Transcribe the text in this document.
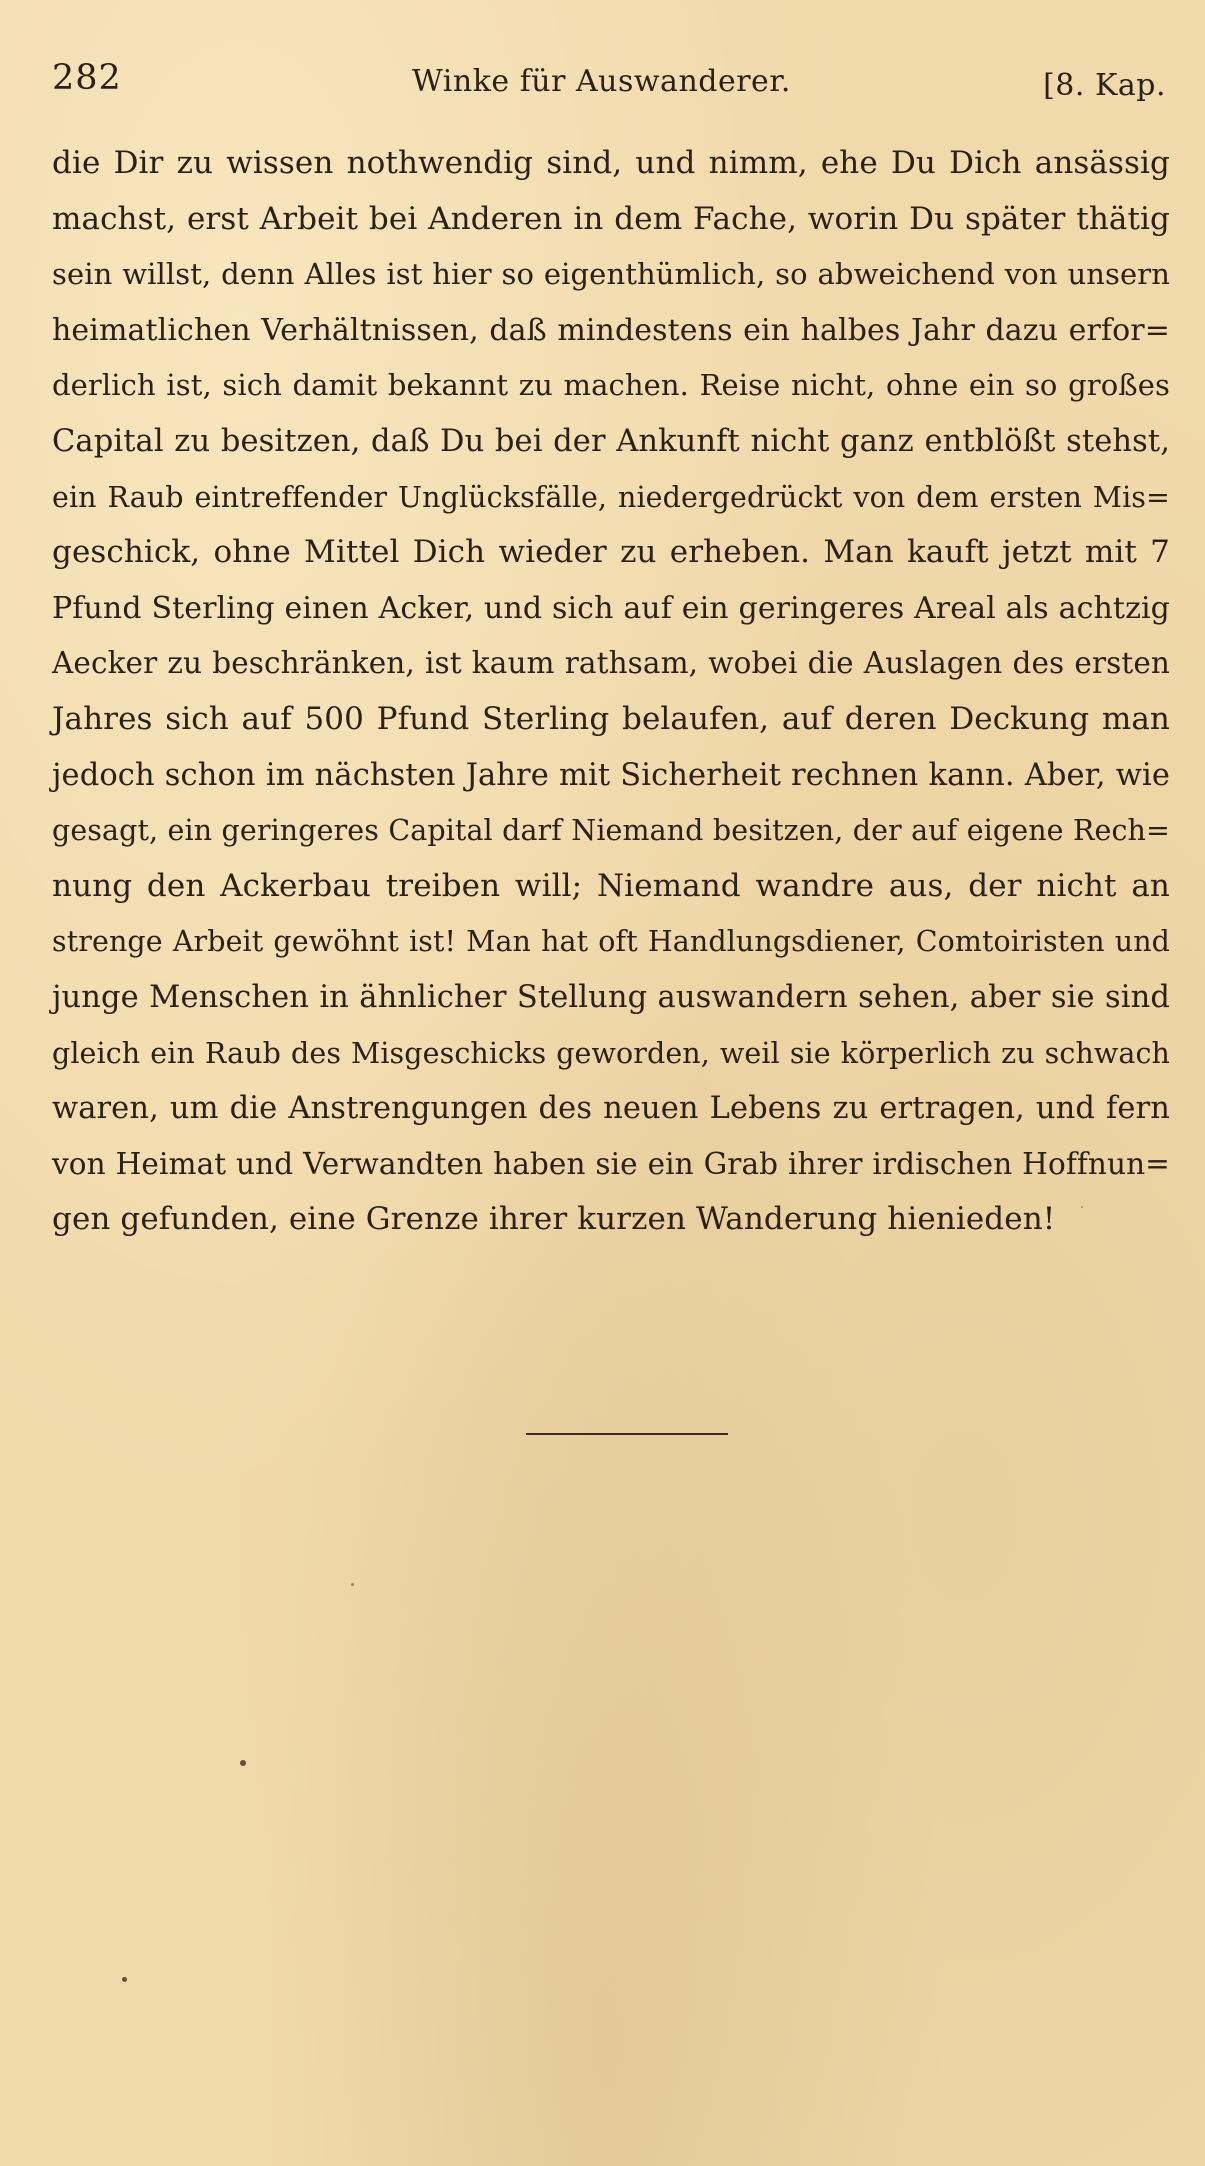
282	Winke für Auswanderer.	[8. Kap.
die Dir zu wissen nothwendig sind, und nimm, ehe Du Dich ansässig
machst, erst Arbeit bei Anderen in dem Fache, worin Du später thätig
sein willst, denn Alles ist hier so eigenthümlich, so abweichend von unsern
heimatlichen Verhältnissen, daß mindestens ein halbes Jahr dazu erfor=
derlich ist, sich damit bekannt zu machen. Reise nicht, ohne ein so großes
Capital zu besitzen, daß Du bei der Ankunft nicht ganz entblößt stehst,
ein Raub eintreffender Unglücksfälle, niedergedrückt von dem ersten Mis=
geschick, ohne Mittel Dich wieder zu erheben. Man kauft jetzt mit 7
Pfund Sterling einen Acker, und sich auf ein geringeres Areal als achtzig
Aecker zu beschränken, ist kaum rathsam, wobei die Auslagen des ersten
Jahres sich auf 500 Pfund Sterling belaufen, auf deren Deckung man
jedoch schon im nächsten Jahre mit Sicherheit rechnen kann. Aber, wie
gesagt, ein geringeres Capital darf Niemand besitzen, der auf eigene Rech=
nung den Ackerbau treiben will; Niemand wandre aus, der nicht an
strenge Arbeit gewöhnt ist! Man hat oft Handlungsdiener, Comtoiristen und
junge Menschen in ähnlicher Stellung auswandern sehen, aber sie sind
gleich ein Raub des Misgeschicks geworden, weil sie körperlich zu schwach
waren, um die Anstrengungen des neuen Lebens zu ertragen, und fern
von Heimat und Verwandten haben sie ein Grab ihrer irdischen Hoffnun=
gen gefunden, eine Grenze ihrer kurzen Wanderung hienieden!
